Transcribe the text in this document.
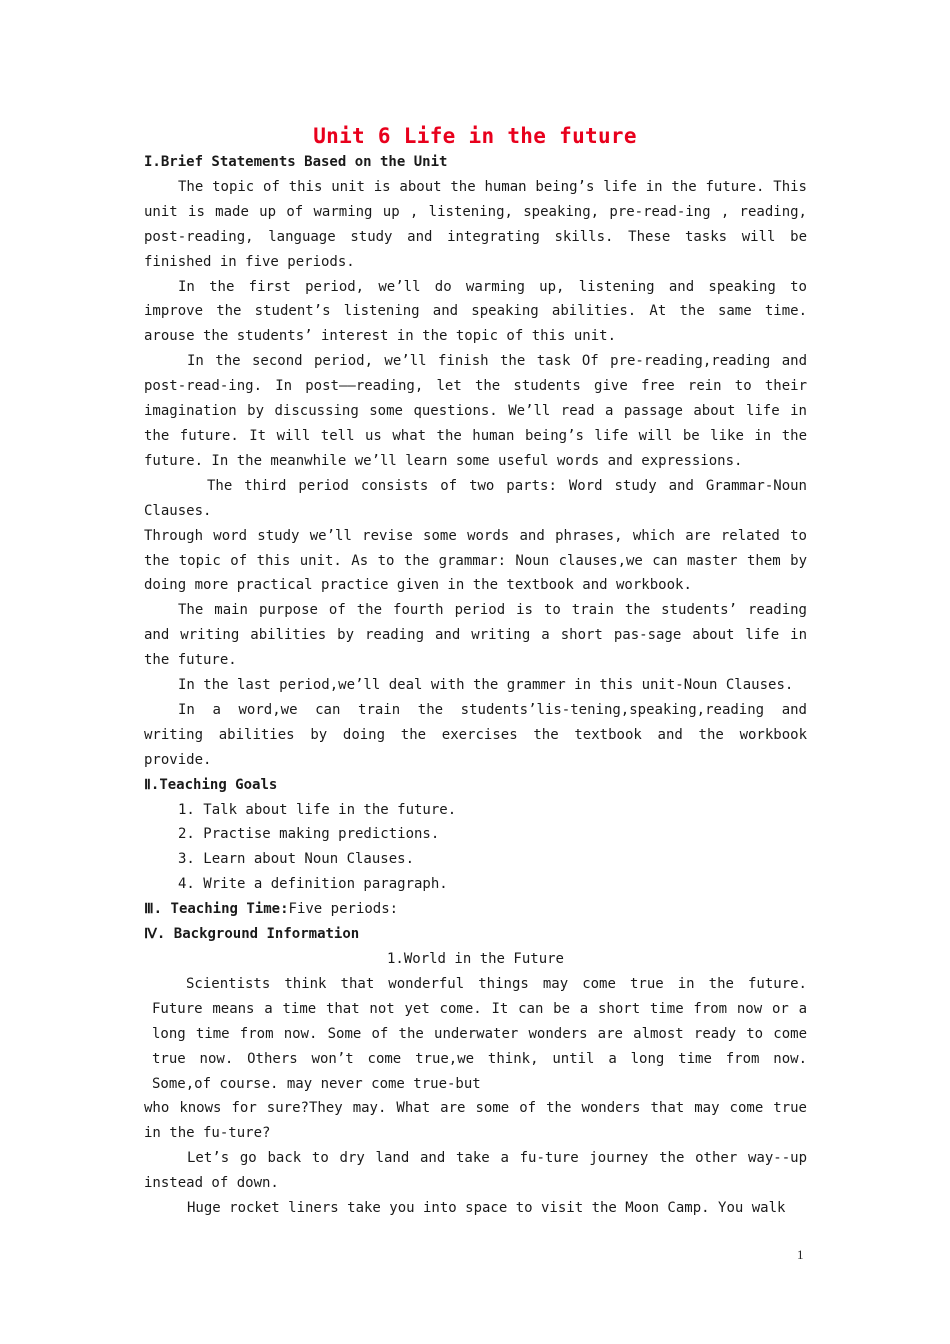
Unit 6 Life in the future

I.Brief Statements Based on the Unit

The topic of this unit is about the human being’s life in the future. This unit is made up of warming up , listening, speaking, pre-read-ing , reading, post-reading, language study and integrating skills. These tasks will be finished in five periods.

In the first period, we’ll do warming up, listening and speaking to improve the student’s listening and speaking abilities. At the same time. arouse the students’ interest in the topic of this unit.

In the second period, we’ll finish the task Of pre-reading,reading and post-read-ing. In post——reading, let the students give free rein to their imagination by discussing some questions. We’ll read a passage about life in the future. It will tell us what the human being’s life will be like in the future. In the meanwhile we’ll learn some useful words and expressions.

The third period consists of two parts: Word study and Grammar-Noun Clauses.

Through word study we’ll revise some words and phrases, which are related to the topic of this unit. As to the grammar: Noun clauses,we can master them by doing more practical practice given in the textbook and workbook.

The main purpose of the fourth period is to train the students’ reading and writing abilities by reading and writing a short pas-sage about life in the future.

In the last period,we’ll deal with the grammer in this unit-Noun Clauses.

In a word,we can train the students’lis-tening,speaking,reading and writing abilities by doing the exercises the textbook and the workbook provide.

Ⅱ.Teaching Goals

1. Talk about life in the future.

2. Practise making predictions.

3. Learn about Noun Clauses.

4. Write a definition paragraph.

Ⅲ. Teaching Time:Five periods:

Ⅳ. Background Information

1.World in the Future

Scientists think that wonderful things may come true in the future. Future means a time that not yet come. It can be a short time from now or a long time from now. Some of the underwater wonders are almost ready to come true now. Others won’t come true,we think, until a long time from now. Some,of course. may never come true-but

who knows for sure?They may. What are some of the wonders that may come true in the fu-ture?

Let’s go back to dry land and take a fu-ture journey the other way--up instead of down.

Huge rocket liners take you into space to visit the Moon Camp. You walk

1
